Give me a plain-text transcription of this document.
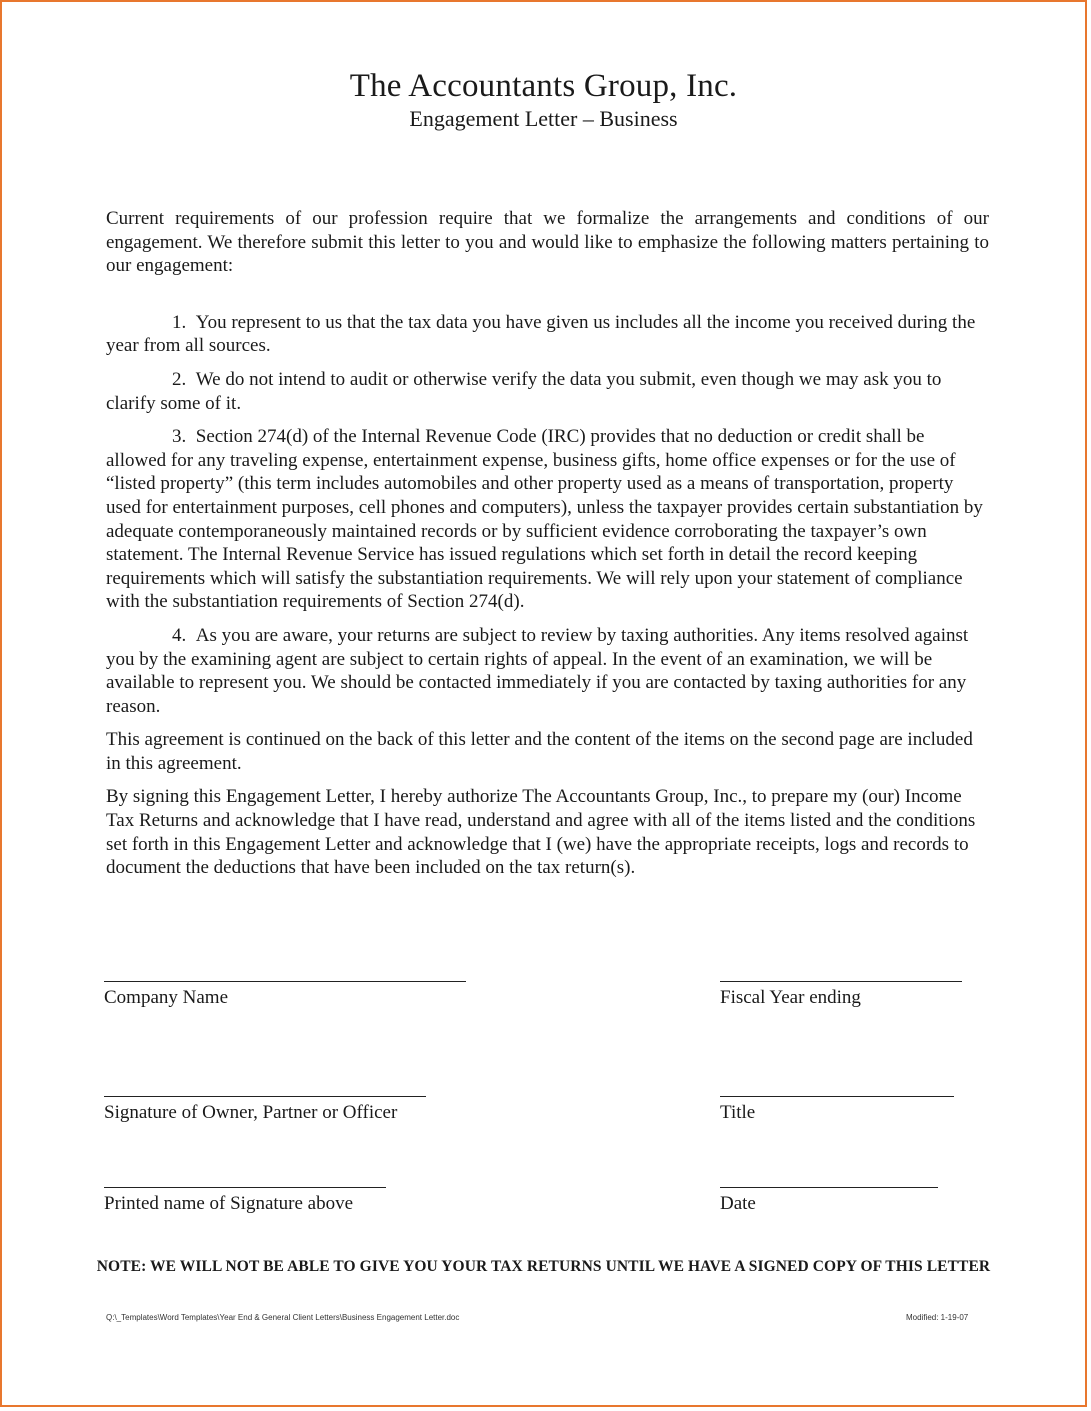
The Accountants Group, Inc.
Engagement Letter – Business

Current requirements of our profession require that we formalize the arrangements and conditions of our engagement. We therefore submit this letter to you and would like to emphasize the following matters pertaining to our engagement:

1. You represent to us that the tax data you have given us includes all the income you received during the year from all sources.

2. We do not intend to audit or otherwise verify the data you submit, even though we may ask you to clarify some of it.

3. Section 274(d) of the Internal Revenue Code (IRC) provides that no deduction or credit shall be allowed for any traveling expense, entertainment expense, business gifts, home office expenses or for the use of “listed property” (this term includes automobiles and other property used as a means of transportation, property used for entertainment purposes, cell phones and computers), unless the taxpayer provides certain substantiation by adequate contemporaneously maintained records or by sufficient evidence corroborating the taxpayer’s own statement. The Internal Revenue Service has issued regulations which set forth in detail the record keeping requirements which will satisfy the substantiation requirements. We will rely upon your statement of compliance with the substantiation requirements of Section 274(d).

4. As you are aware, your returns are subject to review by taxing authorities. Any items resolved against you by the examining agent are subject to certain rights of appeal. In the event of an examination, we will be available to represent you. We should be contacted immediately if you are contacted by taxing authorities for any reason.

This agreement is continued on the back of this letter and the content of the items on the second page are included in this agreement.

By signing this Engagement Letter, I hereby authorize The Accountants Group, Inc., to prepare my (our) Income Tax Returns and acknowledge that I have read, understand and agree with all of the items listed and the conditions set forth in this Engagement Letter and acknowledge that I (we) have the appropriate receipts, logs and records to document the deductions that have been included on the tax return(s).

Company Name	Fiscal Year ending
Signature of Owner, Partner or Officer	Title
Printed name of Signature above	Date
NOTE: WE WILL NOT BE ABLE TO GIVE YOU YOUR TAX RETURNS UNTIL WE HAVE A SIGNED COPY OF THIS LETTER
Q:\_Templates\Word Templates\Year End & General Client Letters\Business Engagement Letter.doc	Modified: 1-19-07
